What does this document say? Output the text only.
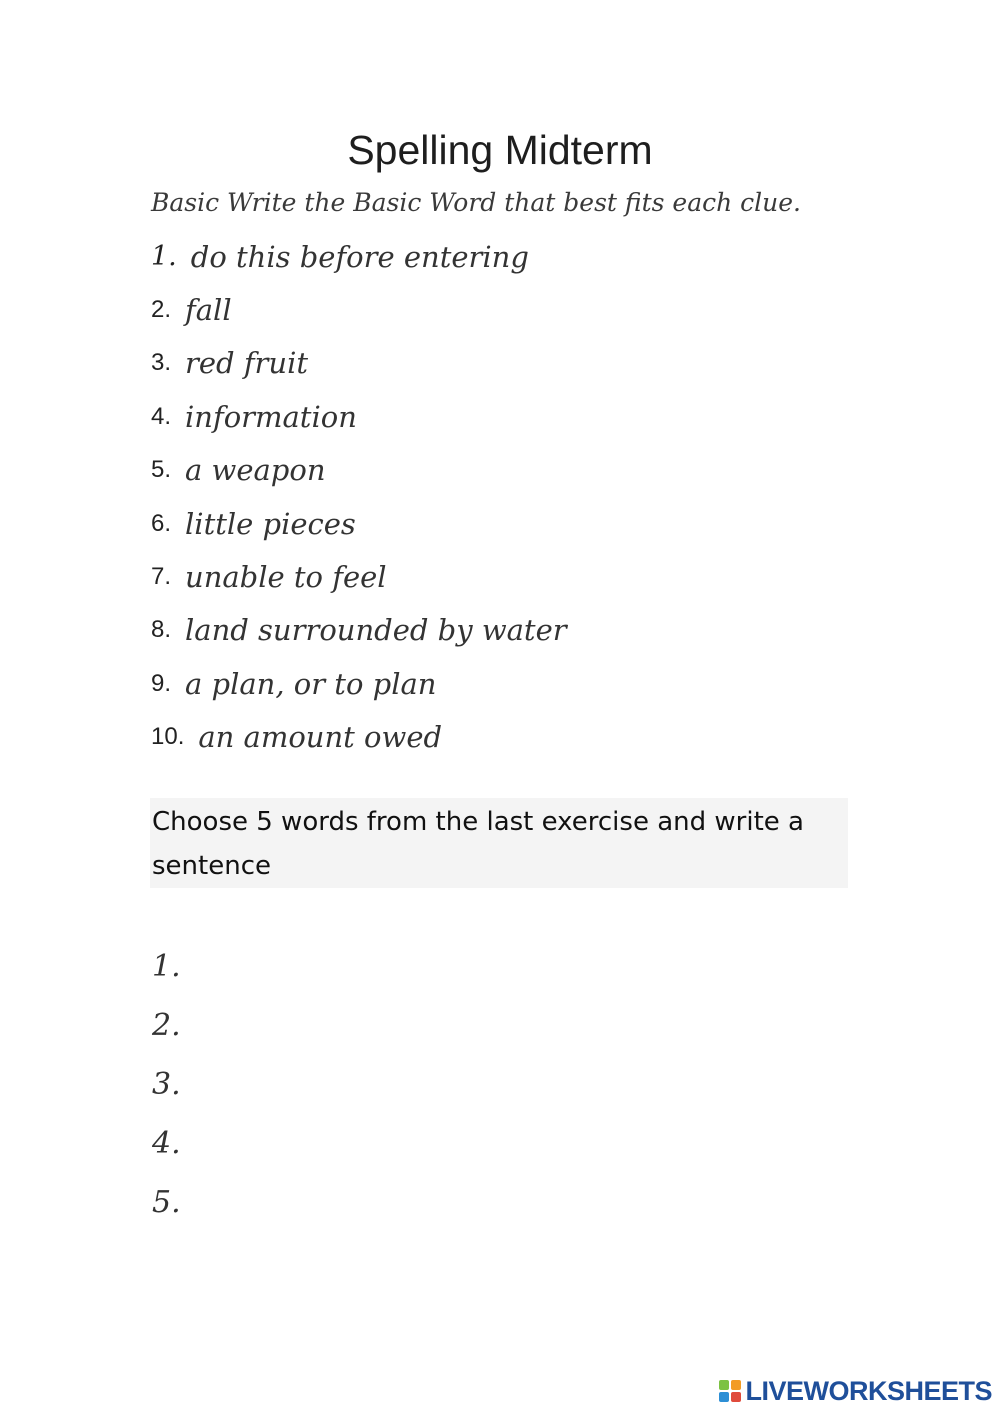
Spelling Midterm
Basic Write the Basic Word that best fits each clue.
1. do this before entering
2. fall
3. red fruit
4. information
5. a weapon
6. little pieces
7. unable to feel
8. land surrounded by water
9. a plan, or to plan
10. an amount owed
Choose 5 words from the last exercise and write a sentence
1.
2.
3.
4.
5.
LIVEWORKSHEETS
